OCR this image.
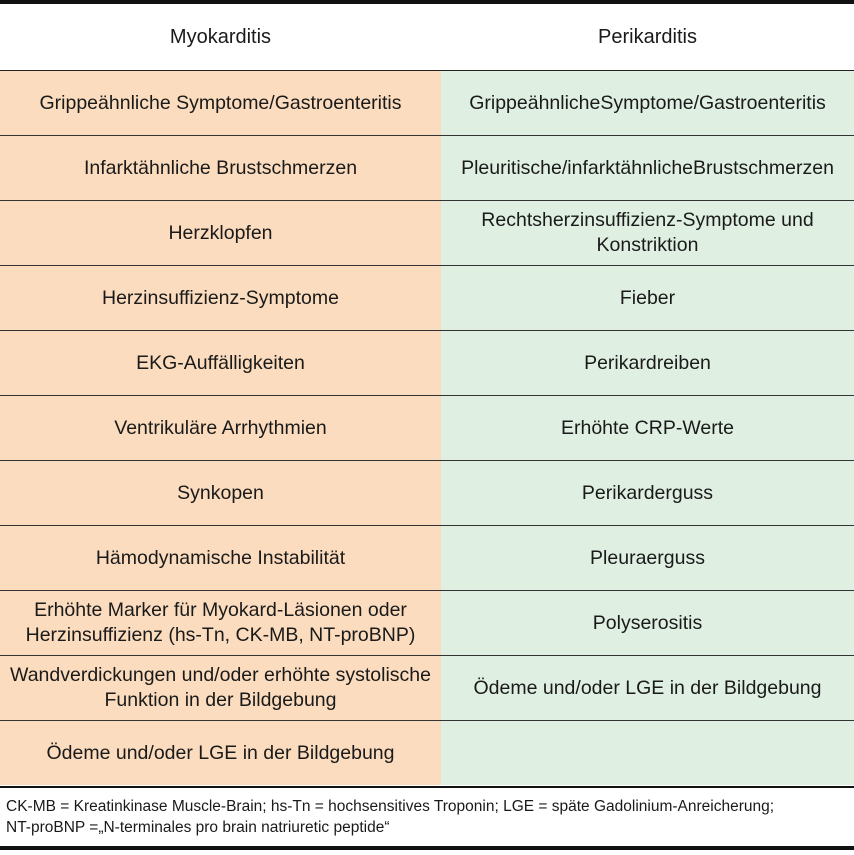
Myokarditis	Perikarditis
Grippeähnliche Symptome/Gastroenteritis	GrippeähnlicheSymptome/Gastroenteritis
Infarktähnliche Brustschmerzen	Pleuritische/infarktähnlicheBrustschmerzen
Herzklopfen	Rechtsherzinsuffizienz-Symptome und Konstriktion
Herzinsuffizienz-Symptome	Fieber
EKG-Auffälligkeiten	Perikardreiben
Ventrikuläre Arrhythmien	Erhöhte CRP-Werte
Synkopen	Perikarderguss
Hämodynamische Instabilität	Pleuraerguss
Erhöhte Marker für Myokard-Läsionen oder Herzinsuffizienz (hs-Tn, CK-MB, NT-proBNP)	Polyserositis
Wandverdickungen und/oder erhöhte systolische Funktion in der Bildgebung	Ödeme und/oder LGE in der Bildgebung
Ödeme und/oder LGE in der Bildgebung	
CK-MB = Kreatinkinase Muscle-Brain; hs-Tn = hochsensitives Troponin; LGE = späte Gadolinium-Anreicherung;
NT-proBNP =„N-terminales pro brain natriuretic peptide“
